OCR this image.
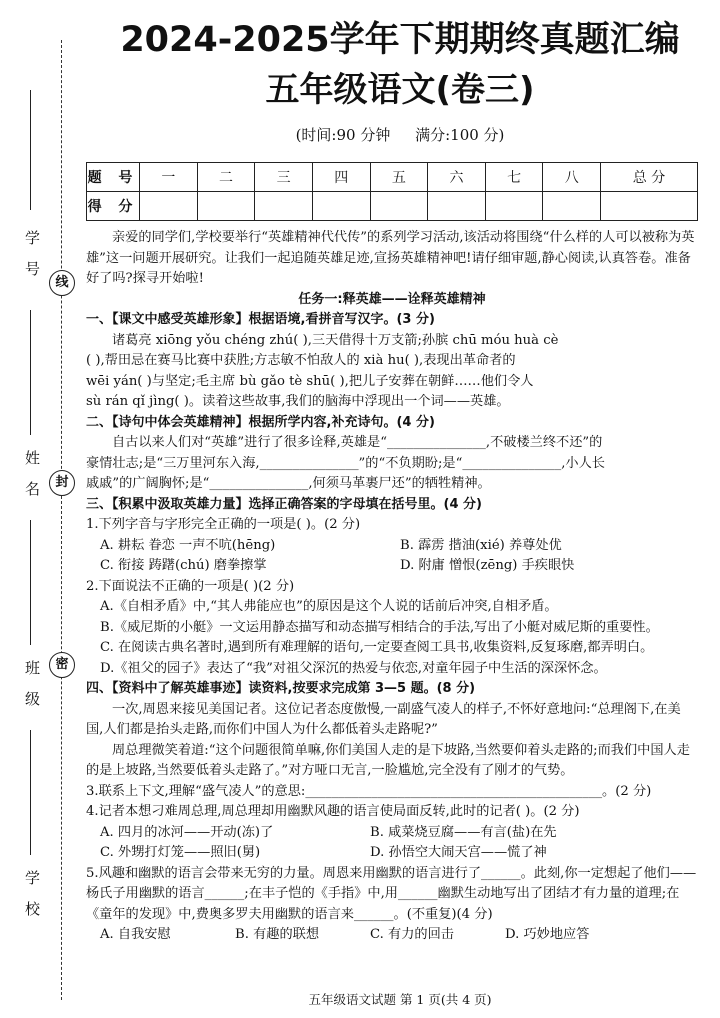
线
封
密
学号
姓名
班级
学校
2024-2025学年下期期终真题汇编
五年级语文(卷三)
(时间:90 分钟 满分:100 分)
题 号	一	二	三	四	五	六	七	八	总 分
得 分									

亲爱的同学们,学校要举行“英雄精神代代传”的系列学习活动,该活动将围绕“什么样的人可以被称为英雄”这一问题开展研究。让我们一起追随英雄足迹,宣扬英雄精神吧!请仔细审题,静心阅读,认真答卷。准备好了吗?探寻开始啦!

任务一:释英雄——诠释英雄精神

一、【课文中感受英雄形象】根据语境,看拼音写汉字。(3 分)

诸葛亮 xiōng yǒu chéng zhú( ),三天借得十万支箭;孙膑 chū móu huà cè

( ),帮田忌在赛马比赛中获胜;方志敏不怕敌人的 xià hu( ),表现出革命者的

wēi yán( )与坚定;毛主席 bù gǎo tè shū( ),把儿子安葬在朝鲜……他们令人

sù rán qǐ jìng( )。读着这些故事,我们的脑海中浮现出一个词——英雄。

二、【诗句中体会英雄精神】根据所学内容,补充诗句。(4 分)

自古以来人们对“英雄”进行了很多诠释,英雄是“_______________,不破楼兰终不还”的

豪情壮志;是“三万里河东入海,_______________”的“不负期盼;是“_______________,小人长

戚戚”的广阔胸怀;是“_______________,何须马革裹尸还”的牺牲精神。

三、【积累中汲取英雄力量】选择正确答案的字母填在括号里。(4 分)

1.下列字音与字形完全正确的一项是( )。(2 分)

A. 耕耘 眷恋 一声不吭(hēng)	B. 霹雳 揩油(xié) 养尊处优
C. 衔接 踌躇(chú) 磨拳擦掌	D. 附庸 憎恨(zēng) 手疾眼快

2.下面说法不正确的一项是( )(2 分)

A.《自相矛盾》中,“其人弗能应也”的原因是这个人说的话前后冲突,自相矛盾。

B.《威尼斯的小艇》一文运用静态描写和动态描写相结合的手法,写出了小艇对威尼斯的重要性。

C. 在阅读古典名著时,遇到所有难理解的语句,一定要查阅工具书,收集资料,反复琢磨,都弄明白。

D.《祖父的园子》表达了“我”对祖父深沉的热爱与依恋,对童年园子中生活的深深怀念。

四、【资料中了解英雄事迹】读资料,按要求完成第 3—5 题。(8 分)

一次,周恩来接见美国记者。这位记者态度傲慢,一副盛气凌人的样子,不怀好意地问:“总理阁下,在美国,人们都是抬头走路,而你们中国人为什么都低着头走路呢?”

周总理微笑着道:“这个问题很简单嘛,你们美国人走的是下坡路,当然要仰着头走路的;而我们中国人走的是上坡路,当然要低着头走路了。”对方哑口无言,一脸尴尬,完全没有了刚才的气势。

3.联系上下文,理解“盛气凌人”的意思:_____________________________________________。(2 分)

4.记者本想刁难周总理,周总理却用幽默风趣的语言使局面反转,此时的记者( )。(2 分)

A. 四月的冰河——开动(冻)了	B. 咸菜烧豆腐——有言(盐)在先
C. 外甥打灯笼——照旧(舅)	D. 孙悟空大闹天宫——慌了神

5.风趣和幽默的语言会带来无穷的力量。周恩来用幽默的语言进行了______。此刻,你一定想起了他们——杨氏子用幽默的语言______;在丰子恺的《手指》中,用______幽默生动地写出了团结才有力量的道理;在《童年的发现》中,费奥多罗夫用幽默的语言来______。(不重复)(4 分)

A. 自我安慰	B. 有趣的联想	C. 有力的回击	D. 巧妙地应答
五年级语文试题 第 1 页(共 4 页)
